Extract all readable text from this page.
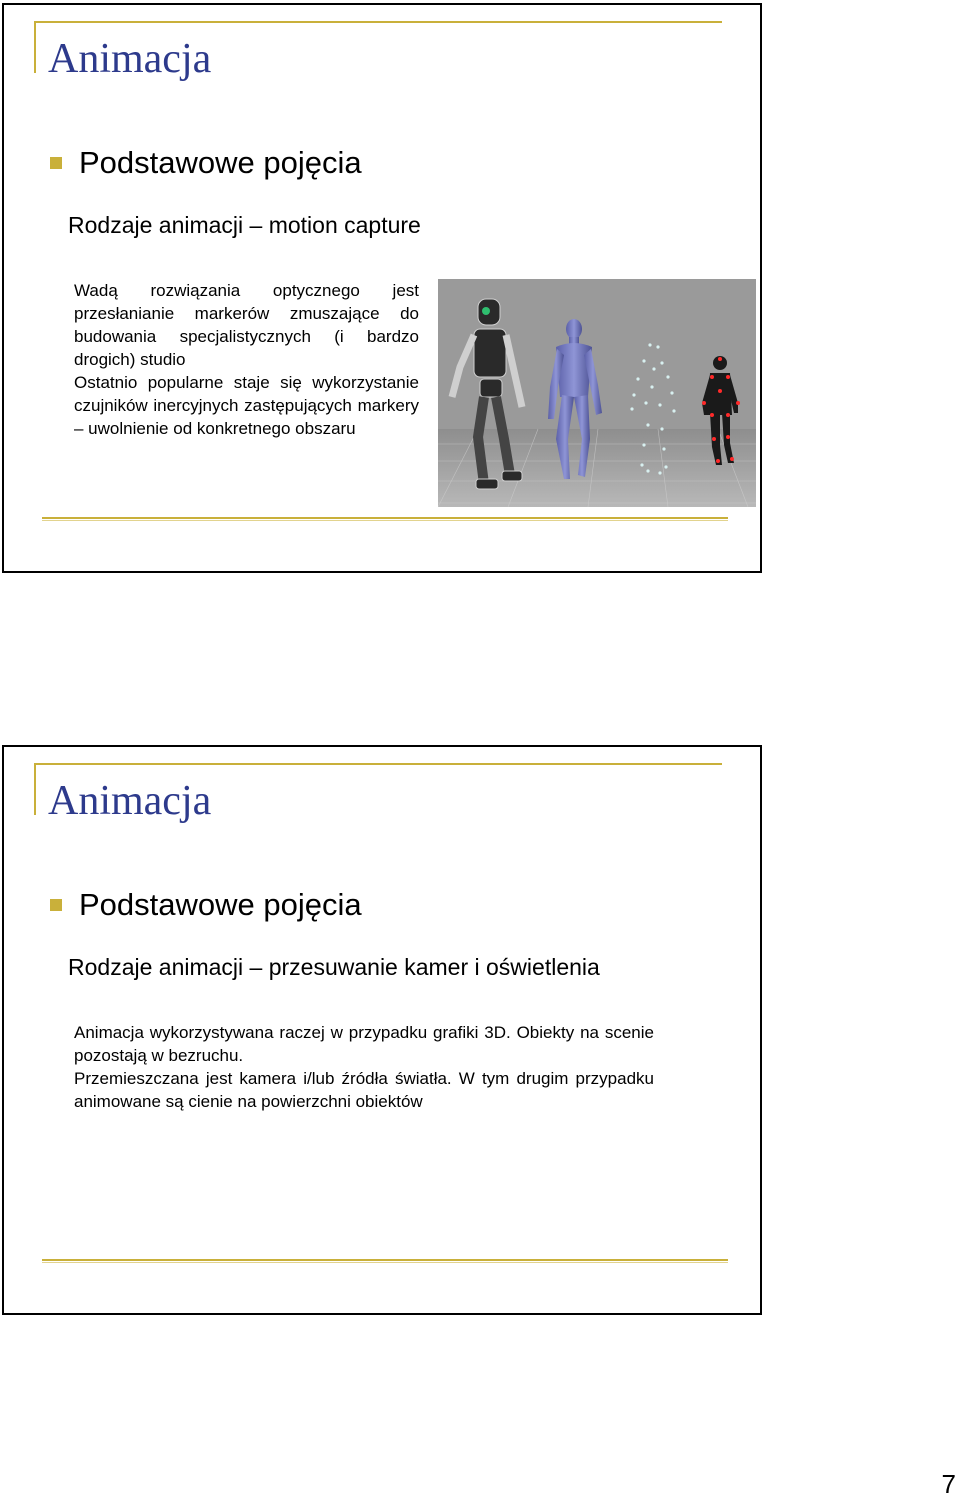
Animacja
Podstawowe pojęcia
Rodzaje animacji – motion capture

Wadą rozwiązania optycznego jest przesłanianie markerów zmuszające do budowania specjalistycznych (i bardzo drogich) studio

Ostatnio popularne staje się wykorzystanie czujników inercyjnych zastępujących markery – uwolnienie od konkretnego obszaru

Animacja
Podstawowe pojęcia
Rodzaje animacji – przesuwanie kamer i oświetlenia

Animacja wykorzystywana raczej w przypadku grafiki 3D. Obiekty na scenie pozostają w bezruchu.

Przemieszczana jest kamera i/lub źródła światła. W tym drugim przypadku animowane są cienie na powierzchni obiektów

7
